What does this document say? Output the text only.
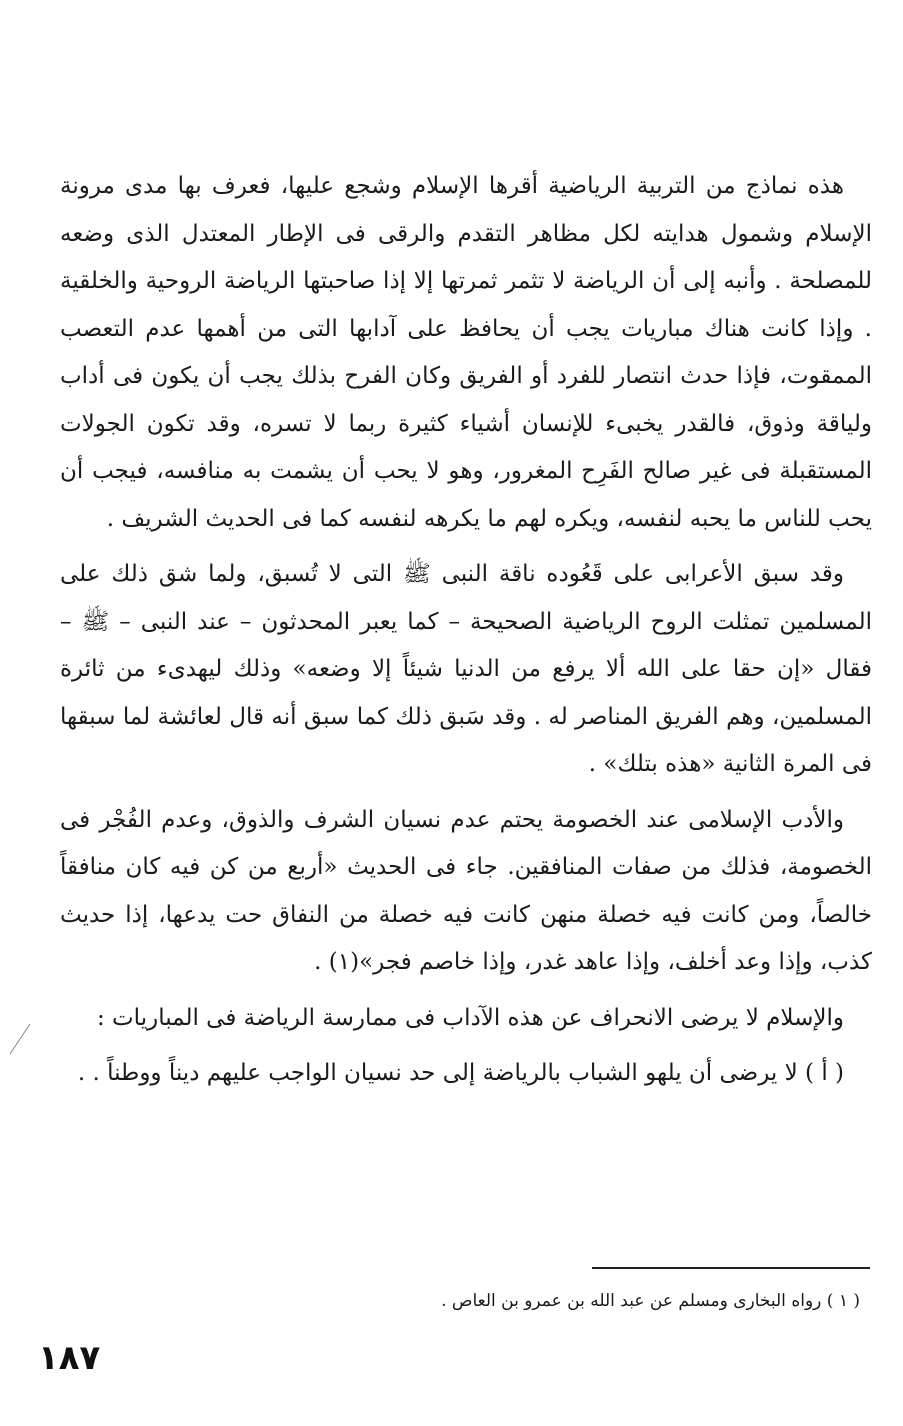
هذه نماذج من التربية الرياضية أقرها الإسلام وشجع عليها، فعرف بها مدى مرونة الإسلام وشمول هدايته لكل مظاهر التقدم والرقى فى الإطار المعتدل الذى وضعه للمصلحة . وأنبه إلى أن الرياضة لا تثمر ثمرتها إلا إذا صاحبتها الرياضة الروحية والخلقية . وإذا كانت هناك مباريات يجب أن يحافظ على آدابها التى من أهمها عدم التعصب الممقوت، فإذا حدث انتصار للفرد أو الفريق وكان الفرح بذلك يجب أن يكون فى أداب ولياقة وذوق، فالقدر يخبىء للإنسان أشياء كثيرة ربما لا تسره، وقد تكون الجولات المستقبلة فى غير صالح الفَرِح المغرور، وهو لا يحب أن يشمت به منافسه، فيجب أن يحب للناس ما يحبه لنفسه، ويكره لهم ما يكرهه لنفسه كما فى الحديث الشريف .

وقد سبق الأعرابى على قَعُوده ناقة النبى ﷺ التى لا تُسبق، ولما شق ذلك على المسلمين تمثلت الروح الرياضية الصحيحة – كما يعبر المحدثون – عند النبى – ﷺ – فقال «إن حقا على الله ألا يرفع من الدنيا شيئاً إلا وضعه» وذلك ليهدىء من ثائرة المسلمين، وهم الفريق المناصر له . وقد سَبق ذلك كما سبق أنه قال لعائشة لما سبقها فى المرة الثانية «هذه بتلك» .

والأدب الإسلامى عند الخصومة يحتم عدم نسيان الشرف والذوق، وعدم الفُجْر فى الخصومة، فذلك من صفات المنافقين. جاء فى الحديث «أربع من كن فيه كان منافقاً خالصاً، ومن كانت فيه خصلة منهن كانت فيه خصلة من النفاق حت يدعها، إذا حديث كذب، وإذا وعد أخلف، وإذا عاهد غدر، وإذا خاصم فجر»(١) .

والإسلام لا يرضى الانحراف عن هذه الآداب فى ممارسة الرياضة فى المباريات :

( أ ) لا يرضى أن يلهو الشباب بالرياضة إلى حد نسيان الواجب عليهم ديناً ووطناً . .

( ١ ) رواه البخارى ومسلم عن عبد الله بن عمرو بن العاص .
١٨٧
